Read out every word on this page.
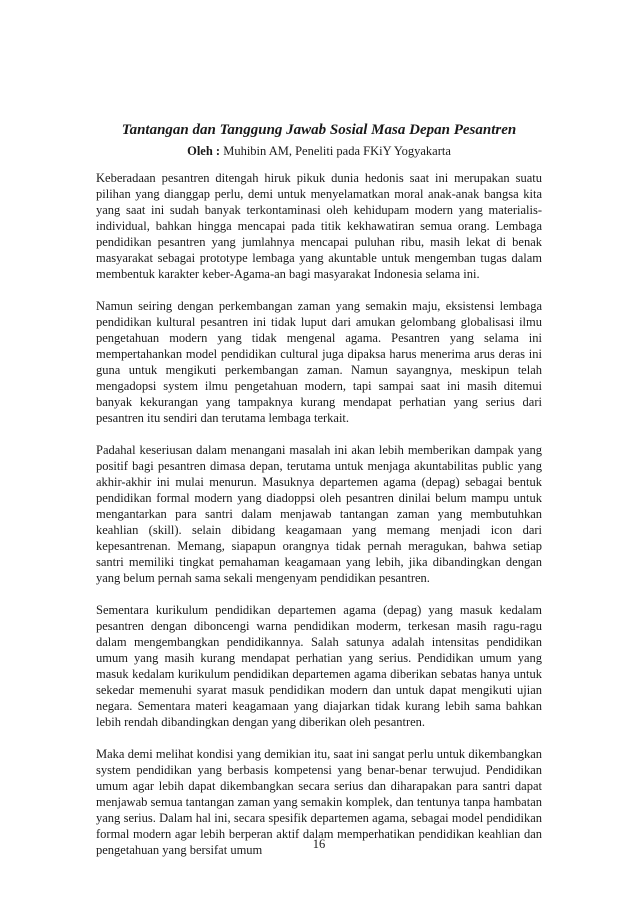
Tantangan dan Tanggung Jawab Sosial Masa Depan Pesantren
Oleh : Muhibin AM, Peneliti pada FKiY Yogyakarta

Keberadaan pesantren ditengah hiruk pikuk dunia hedonis saat ini merupakan suatu pilihan yang dianggap perlu, demi untuk menyelamatkan moral anak-anak bangsa kita yang saat ini sudah banyak terkontaminasi oleh kehidupam modern yang materialis-individual, bahkan hingga mencapai pada titik kekhawatiran semua orang. Lembaga pendidikan pesantren yang jumlahnya mencapai puluhan ribu, masih lekat di benak masyarakat sebagai prototype lembaga yang akuntable untuk mengemban tugas dalam membentuk karakter keber-Agama-an bagi masyarakat Indonesia selama ini.

Namun seiring dengan perkembangan zaman yang semakin maju, eksistensi lembaga pendidikan kultural pesantren ini tidak luput dari amukan gelombang globalisasi ilmu pengetahuan modern yang tidak mengenal agama. Pesantren yang selama ini mempertahankan model pendidikan cultural juga dipaksa harus menerima arus deras ini guna untuk mengikuti perkembangan zaman. Namun sayangnya, meskipun telah mengadopsi system ilmu pengetahuan modern, tapi sampai saat ini masih ditemui banyak kekurangan yang tampaknya kurang mendapat perhatian yang serius dari pesantren itu sendiri dan terutama lembaga terkait.

Padahal keseriusan dalam menangani masalah ini akan lebih memberikan dampak yang positif bagi pesantren dimasa depan, terutama untuk menjaga akuntabilitas public yang akhir-akhir ini mulai menurun. Masuknya departemen agama (depag) sebagai bentuk pendidikan formal modern yang diadoppsi oleh pesantren dinilai belum mampu untuk mengantarkan para santri dalam menjawab tantangan zaman yang membutuhkan keahlian (skill). selain dibidang keagamaan yang memang menjadi icon dari kepesantrenan. Memang, siapapun orangnya tidak pernah meragukan, bahwa setiap santri memiliki tingkat pemahaman keagamaan yang lebih, jika dibandingkan dengan yang belum pernah sama sekali mengenyam pendidikan pesantren.

Sementara kurikulum pendidikan departemen agama (depag) yang masuk kedalam pesantren dengan diboncengi warna pendidikan moderm, terkesan masih ragu-ragu dalam mengembangkan pendidikannya. Salah satunya adalah intensitas pendidikan umum yang masih kurang mendapat perhatian yang serius. Pendidikan umum yang masuk kedalam kurikulum pendidikan departemen agama diberikan sebatas hanya untuk sekedar memenuhi syarat masuk pendidikan modern dan untuk dapat mengikuti ujian negara. Sementara materi keagamaan yang diajarkan tidak kurang lebih sama bahkan lebih rendah dibandingkan dengan yang diberikan oleh pesantren.

Maka demi melihat kondisi yang demikian itu, saat ini sangat perlu untuk dikembangkan system pendidikan yang berbasis kompetensi yang benar-benar terwujud. Pendidikan umum agar lebih dapat dikembangkan secara serius dan diharapakan para santri dapat menjawab semua tantangan zaman yang semakin komplek, dan tentunya tanpa hambatan yang serius. Dalam hal ini, secara spesifik departemen agama, sebagai model pendidikan formal modern agar lebih berperan aktif dalam memperhatikan pendidikan keahlian dan pengetahuan yang bersifat umum	16
